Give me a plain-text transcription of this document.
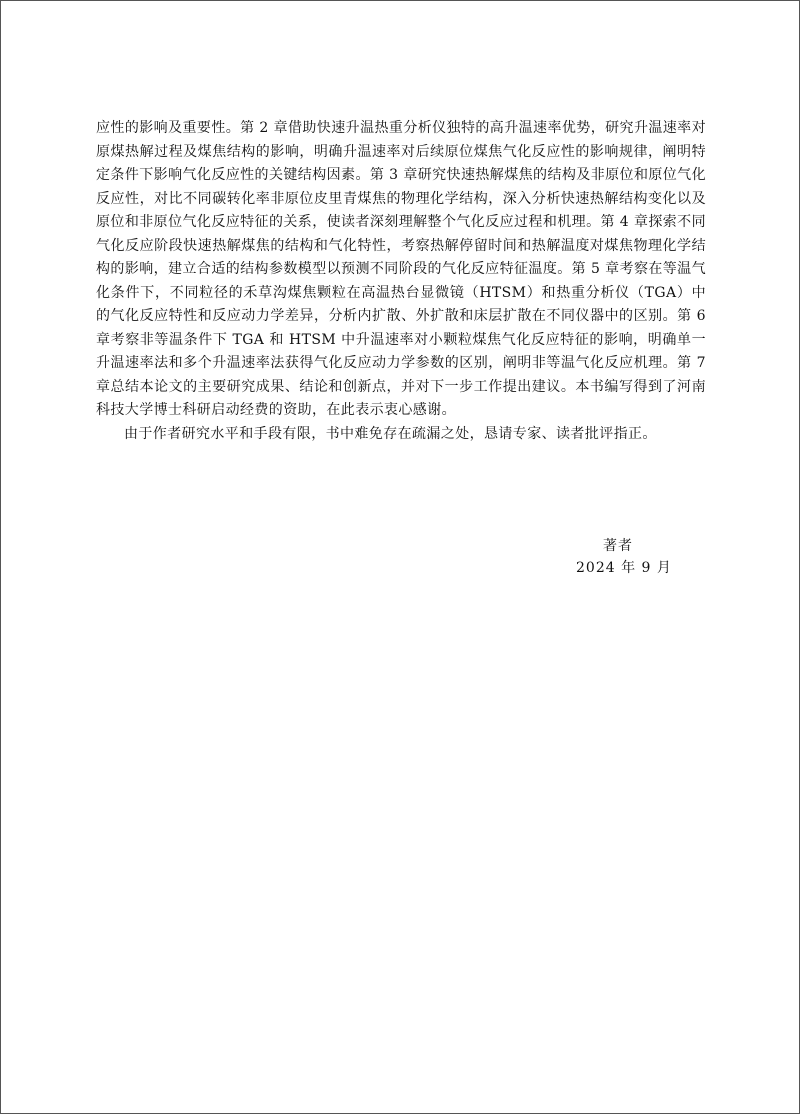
应性的影响及重要性。第 2 章借助快速升温热重分析仪独特的高升温速率优势，研究升温速率对原煤热解过程及煤焦结构的影响，明确升温速率对后续原位煤焦气化反应性的影响规律，阐明特定条件下影响气化反应性的关键结构因素。第 3 章研究快速热解煤焦的结构及非原位和原位气化反应性，对比不同碳转化率非原位皮里青煤焦的物理化学结构，深入分析快速热解结构变化以及原位和非原位气化反应特征的关系，使读者深刻理解整个气化反应过程和机理。第 4 章探索不同气化反应阶段快速热解煤焦的结构和气化特性，考察热解停留时间和热解温度对煤焦物理化学结构的影响，建立合适的结构参数模型以预测不同阶段的气化反应特征温度。第 5 章考察在等温气化条件下，不同粒径的禾草沟煤焦颗粒在高温热台显微镜（HTSM）和热重分析仪（TGA）中的气化反应特性和反应动力学差异，分析内扩散、外扩散和床层扩散在不同仪器中的区别。第 6 章考察非等温条件下 TGA 和 HTSM 中升温速率对小颗粒煤焦气化反应特征的影响，明确单一升温速率法和多个升温速率法获得气化反应动力学参数的区别，阐明非等温气化反应机理。第 7 章总结本论文的主要研究成果、结论和创新点，并对下一步工作提出建议。本书编写得到了河南科技大学博士科研启动经费的资助，在此表示衷心感谢。

由于作者研究水平和手段有限，书中难免存在疏漏之处，恳请专家、读者批评指正。

著者
2024 年 9 月
